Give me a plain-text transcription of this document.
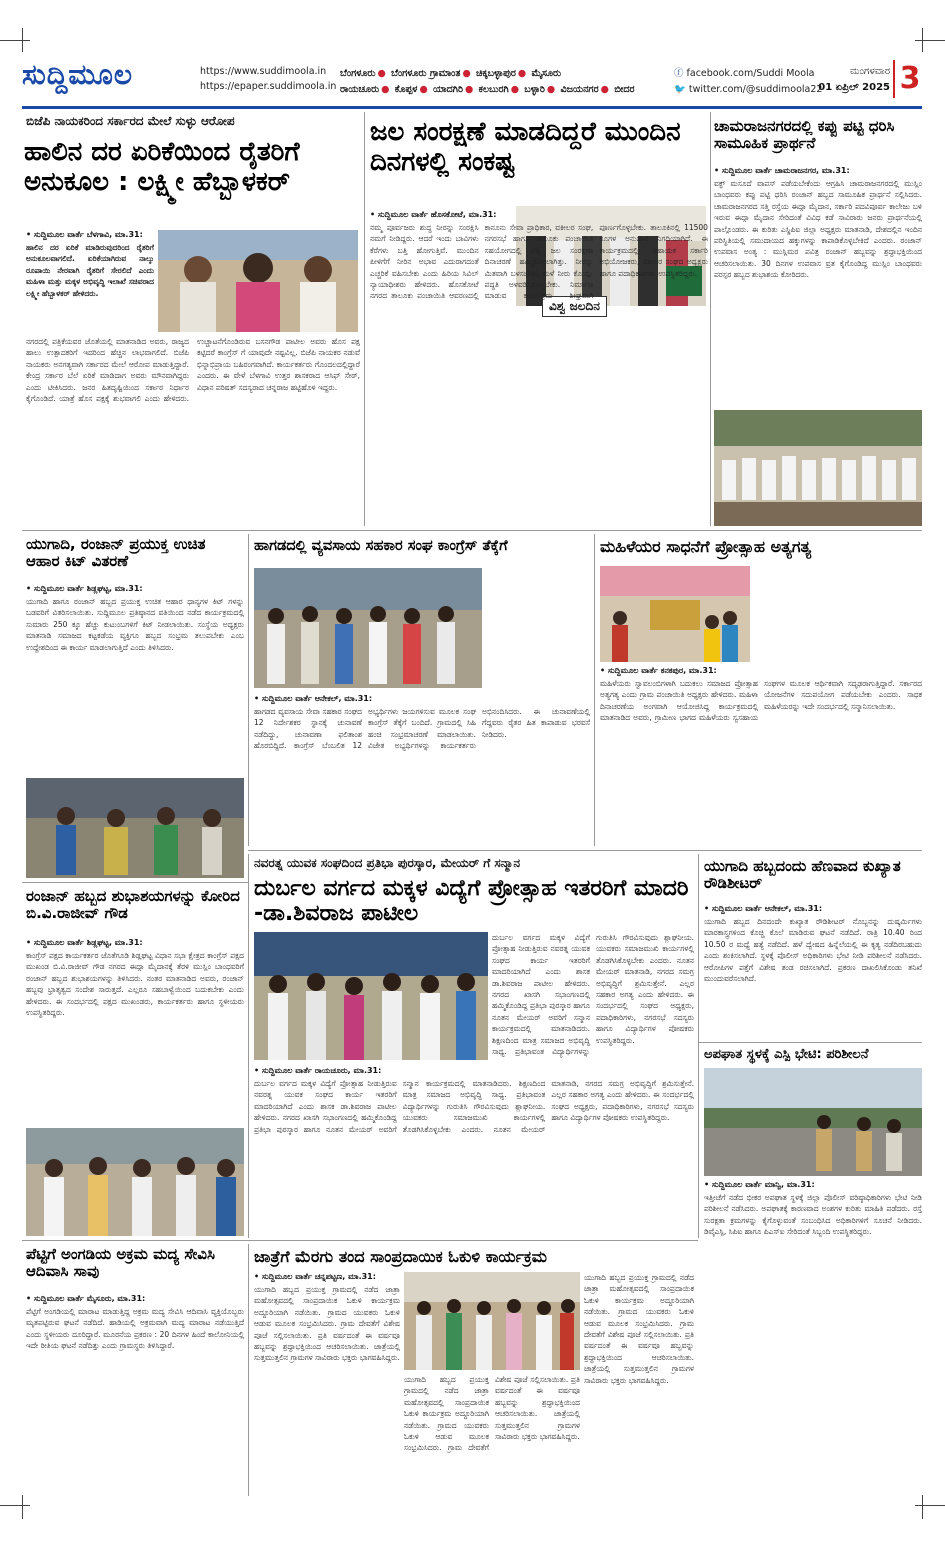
ಸುದ್ದಿಮೂಲ	https://www.suddimoola.in
https://epaper.suddimoola.in
ಬೆಂಗಳೂರು ● ಬೆಂಗಳೂರು ಗ್ರಾಮಾಂತ ● ಚಿಕ್ಕಬಳ್ಳಾಪುರ ● ಮೈಸೂರು
ರಾಯಚೂರು ● ಕೊಪ್ಪಳ ● ಯಾದಗಿರಿ ● ಕಲಬುರಗಿ ● ಬಳ್ಳಾರಿ ● ವಿಜಯನಗರ ● ಬೀದರ
ⓕ facebook.com/Suddi Moola
🐦 twitter.com/@suddimoola22
ಮಂಗಳವಾರ
01 ಏಪ್ರಿಲ್ 2025 3
ಬಿಜೆಪಿ ನಾಯಕರಿಂದ ಸರ್ಕಾರದ ಮೇಲೆ ಸುಳ್ಳು ಆರೋಪ
ಹಾಲಿನ ದರ ಏರಿಕೆಯಿಂದ ರೈತರಿಗೆ ಅನುಕೂಲ : ಲಕ್ಷ್ಮೀ ಹೆಬ್ಬಾಳಕರ್
• ಸುದ್ದಿಮೂಲ ವಾರ್ತೆ ಬೆಳಗಾವಿ, ಮಾ.31:
ಹಾಲಿನ ದರ ಏರಿಕೆ ಮಾಡಿರುವುದರಿಂದ ರೈತರಿಗೆ ಅನುಕೂಲವಾಗಲಿದೆ. ಏರಿಕೆಯಾಗಿರುವ ನಾಲ್ಕು ರೂಪಾಯಿ ನೇರವಾಗಿ ರೈತರಿಗೆ ಸೇರಲಿದೆ ಎಂದು ಮಹಿಳಾ ಮತ್ತು ಮಕ್ಕಳ ಅಭಿವೃದ್ಧಿ ಇಲಾಖೆ ಸಚಿವರಾದ ಲಕ್ಷ್ಮೀ ಹೆಬ್ಬಾಳಕರ್ ಹೇಳಿದರು.
ನಗರದಲ್ಲಿ ಪತ್ರಿಕೆಯವರ ಜೊತೆಯಲ್ಲಿ ಮಾತನಾಡಿದ ಅವರು, ರಾಜ್ಯದ ಹಾಲು ಉತ್ಪಾದಕರಿಗೆ ಇದರಿಂದ ಹೆಚ್ಚಿನ ಲಾಭವಾಗಲಿದೆ. ಬಿಜೆಪಿ ನಾಯಕರು ಅನಗತ್ಯವಾಗಿ ಸರ್ಕಾರದ ಮೇಲೆ ಆರೋಪ ಮಾಡುತ್ತಿದ್ದಾರೆ. ಕೇಂದ್ರ ಸರ್ಕಾರ ಬೆಲೆ ಏರಿಕೆ ಮಾಡಿದಾಗ ಅವರು ಮೌನವಾಗಿದ್ದರು ಎಂದು ಟೀಕಿಸಿದರು. ಜನರ ಹಿತದೃಷ್ಟಿಯಿಂದ ಸರ್ಕಾರ ನಿರ್ಧಾರ ಕೈಗೊಂಡಿದೆ. ಯಾತ್ರೆ ಹೊಸ ಪಕ್ಷಕ್ಕೆ ಶುಭವಾಗಲಿ ಎಂದು ಹೇಳಿದರು. ಉಚ್ಚಾಟನೆಗೊಂಡಿರುವ ಬಸನಗೌಡ ಪಾಟೀಲ ಅವರು ಹೊಸ ಪಕ್ಷ ಕಟ್ಟಿದರೆ ಕಾಂಗ್ರೆಸ್ ಗೆ ಯಾವುದೇ ನಷ್ಟವಿಲ್ಲ. ಬಿಜೆಪಿ ನಾಯಕರ ನಡುವೆ ಭಿನ್ನಾಭಿಪ್ರಾಯ ಬಹಿರಂಗವಾಗಿದೆ. ಕಾರ್ಯಕರ್ತರು ಗೊಂದಲದಲ್ಲಿದ್ದಾರೆ ಎಂದರು. ಈ ವೇಳೆ ಬೆಳಗಾವಿ ಉತ್ತರ ಶಾಸಕರಾದ ಆಸಿಫ್ ಸೇಠ್, ವಿಧಾನ ಪರಿಷತ್ ಸದಸ್ಯರಾದ ಚನ್ನರಾಜ ಹಟ್ಟಿಹೊಳಿ ಇದ್ದರು.
ಜಲ ಸಂರಕ್ಷಣೆ ಮಾಡದಿದ್ದರೆ ಮುಂದಿನ ದಿನಗಳಲ್ಲಿ ಸಂಕಷ್ಟ
• ಸುದ್ದಿಮೂಲ ವಾರ್ತೆ ಹೊಸಕೋಟೆ, ಮಾ.31:
ವಿಶ್ವ ಜಲದಿನ
ನಮ್ಮ ಪೂರ್ವಜರು ಶುದ್ಧ ನೀರನ್ನು ಸಂರಕ್ಷಿಸಿ ನಮಗೆ ನೀಡಿದ್ದರು. ಆದರೆ ಇಂದು ಬಾವಿಗಳು ಕೆರೆಗಳು ಬತ್ತಿ ಹೋಗುತ್ತಿವೆ. ಮುಂದಿನ ಪೀಳಿಗೆಗೆ ನೀರಿನ ಅಭಾವ ಎದುರಾಗದಂತೆ ಎಚ್ಚರಿಕೆ ವಹಿಸಬೇಕು ಎಂದು ಹಿರಿಯ ಸಿವಿಲ್ ನ್ಯಾಯಾಧೀಶರು ಹೇಳಿದರು. ಹೊಸಕೋಟೆ ನಗರದ ತಾಲೂಕು ಪಂಚಾಯಿತಿ ಆವರಣದಲ್ಲಿ ಕಾನೂನು ಸೇವಾ ಪ್ರಾಧಿಕಾರ, ವಕೀಲರ ಸಂಘ, ನಗರಸಭೆ ಹಾಗೂ ತಾಲೂಕು ಪಂಚಾಯಿತಿ ಸಹಯೋಗದಲ್ಲಿ ವಿಶ್ವ ಜಲ ಸಂರಕ್ಷಣಾ ದಿನಾಚರಣೆ ಹಮ್ಮಿಕೊಳ್ಳಲಾಗಿತ್ತು. ನೀರನ್ನು ಮಿತವಾಗಿ ಬಳಸಬೇಕು, ಮಳೆ ನೀರು ಕೊಯ್ಲು ಪದ್ಧತಿ ಅಳವಡಿಸಿಕೊಳ್ಳಬೇಕು. ನಿರ್ಮಾಣ ಮಾಡುವ ಕಾರ್ಯಕ್ರಮ ಶೀಘ್ರವಾಗಿ ಪೂರ್ಣಗೊಳ್ಳಬೇಕು. ತಾಲೂಕಿನಲ್ಲಿ 11500 ರೂಗಳ ಅನುದಾನ ನಿಗದಿಯಾಗಿದೆ. ಈ ಕಾರ್ಯಕ್ರಮದಲ್ಲಿ ಸಹಾಯಕ ಸರ್ಕಾರಿ ಅಭಿಯೋಜಕರು, ವಕೀಲರ ಸಂಘದ ಅಧ್ಯಕ್ಷರು ಹಾಗೂ ಪದಾಧಿಕಾರಿಗಳು ಉಪಸ್ಥಿತರಿದ್ದರು.
ಚಾಮರಾಜನಗರದಲ್ಲಿ ಕಪ್ಪು ಪಟ್ಟಿ ಧರಿಸಿ ಸಾಮೂಹಿಕ ಪ್ರಾರ್ಥನೆ
• ಸುದ್ದಿಮೂಲ ವಾರ್ತೆ ಚಾಮರಾಜನಗರ, ಮಾ.31:
ವಕ್ಫ್ ಮಸೂದೆ ವಾಪಸ್ ಪಡೆಯಬೇಕೆಂದು ಆಗ್ರಹಿಸಿ ಚಾಮರಾಜನಗರದಲ್ಲಿ ಮುಸ್ಲಿಂ ಬಾಂಧವರು ಕಪ್ಪು ಪಟ್ಟಿ ಧರಿಸಿ ರಂಜಾನ್ ಹಬ್ಬದ ಸಾಮೂಹಿಕ ಪ್ರಾರ್ಥನೆ ಸಲ್ಲಿಸಿದರು. ಚಾಮರಾಜನಗರದ ಸತ್ತಿ ರಸ್ತೆಯ ಈದ್ಗಾ ಮೈದಾನ, ಸರ್ಕಾರಿ ಪದವಿಪೂರ್ವ ಕಾಲೇಜು ಬಳಿ ಇರುವ ಈದ್ಗಾ ಮೈದಾನ ಸೇರಿದಂತೆ ವಿವಿಧ ಕಡೆ ಸಾವಿರಾರು ಜನರು ಪ್ರಾರ್ಥನೆಯಲ್ಲಿ ಪಾಲ್ಗೊಂಡರು. ಈ ಕುರಿತು ಎಸ್ಡಿಪಿಐ ಜಿಲ್ಲಾ ಅಧ್ಯಕ್ಷರು ಮಾತನಾಡಿ, ದೇಶದಲ್ಲಿನ ಇಂದಿನ ಪರಿಸ್ಥಿತಿಯಲ್ಲಿ ಸಮುದಾಯದ ಹಕ್ಕುಗಳನ್ನು ಕಾಪಾಡಿಕೊಳ್ಳಬೇಕಿದೆ ಎಂದರು. ರಂಜಾನ್ ಉಪವಾಸ ಅಂತ್ಯ : ಮುಸ್ಲಿಮರ ಪವಿತ್ರ ರಂಜಾನ್ ಹಬ್ಬವನ್ನು ಶ್ರದ್ಧಾಭಕ್ತಿಯಿಂದ ಆಚರಿಸಲಾಯಿತು. 30 ದಿನಗಳ ಉಪವಾಸ ವ್ರತ ಕೈಗೊಂಡಿದ್ದ ಮುಸ್ಲಿಂ ಬಾಂಧವರು ಪರಸ್ಪರ ಹಬ್ಬದ ಶುಭಾಶಯ ಕೋರಿದರು.
ಯುಗಾದಿ, ರಂಜಾನ್ ಪ್ರಯುಕ್ತ ಉಚಿತ ಆಹಾರ ಕಿಟ್ ವಿತರಣೆ
• ಸುದ್ದಿಮೂಲ ವಾರ್ತೆ ಶಿಡ್ಲಘಟ್ಟ, ಮಾ.31:
ಯುಗಾದಿ ಹಾಗೂ ರಂಜಾನ್ ಹಬ್ಬದ ಪ್ರಯುಕ್ತ ಉಚಿತ ಆಹಾರ ಧಾನ್ಯಗಳ ಕಿಟ್ ಗಳನ್ನು ಬಡವರಿಗೆ ವಿತರಿಸಲಾಯಿತು. ಸುದ್ದಿಮೂಲ ಪ್ರತಿಷ್ಠಾನದ ವತಿಯಿಂದ ನಡೆದ ಕಾರ್ಯಕ್ರಮದಲ್ಲಿ ಸುಮಾರು 250 ಕ್ಕೂ ಹೆಚ್ಚು ಕುಟುಂಬಗಳಿಗೆ ಕಿಟ್ ನೀಡಲಾಯಿತು. ಸಂಸ್ಥೆಯ ಅಧ್ಯಕ್ಷರು ಮಾತನಾಡಿ ಸಮಾಜದ ಕಟ್ಟಕಡೆಯ ವ್ಯಕ್ತಿಗೂ ಹಬ್ಬದ ಸಂಭ್ರಮ ತಲುಪಬೇಕು ಎಂಬ ಉದ್ದೇಶದಿಂದ ಈ ಕಾರ್ಯ ಮಾಡಲಾಗುತ್ತಿದೆ ಎಂದು ತಿಳಿಸಿದರು.
ಹಾಗಡದಲ್ಲಿ ವ್ಯವಸಾಯ ಸಹಕಾರ ಸಂಘ ಕಾಂಗ್ರೆಸ್ ತೆಕ್ಕೆಗೆ
• ಸುದ್ದಿಮೂಲ ವಾರ್ತೆ ಆನೇಕಲ್, ಮಾ.31:
ಹಾಗಡದ ವ್ಯವಸಾಯ ಸೇವಾ ಸಹಕಾರ ಸಂಘದ 12 ನಿರ್ದೇಶಕರ ಸ್ಥಾನಕ್ಕೆ ಚುನಾವಣೆ ನಡೆದಿದ್ದು, ಚುನಾವಣಾ ಫಲಿತಾಂಶ ಹೊರಬಿದ್ದಿದೆ. ಕಾಂಗ್ರೆಸ್ ಬೆಂಬಲಿತ 12 ಅಭ್ಯರ್ಥಿಗಳು ಜಯಗಳಿಸುವ ಮೂಲಕ ಸಂಘ ಕಾಂಗ್ರೆಸ್ ತೆಕ್ಕೆಗೆ ಬಂದಿದೆ. ಗ್ರಾಮದಲ್ಲಿ ಸಿಹಿ ಹಂಚಿ ಸಂಭ್ರಮಾಚರಣೆ ಮಾಡಲಾಯಿತು. ವಿಜೇತ ಅಭ್ಯರ್ಥಿಗಳನ್ನು ಕಾರ್ಯಕರ್ತರು ಅಭಿನಂದಿಸಿದರು. ಈ ಚುನಾವಣೆಯಲ್ಲಿ ಗೆದ್ದವರು ರೈತರ ಹಿತ ಕಾಪಾಡುವ ಭರವಸೆ ನೀಡಿದರು.
ಮಹಿಳೆಯರ ಸಾಧನೆಗೆ ಪ್ರೋತ್ಸಾಹ ಅತ್ಯಗತ್ಯ
• ಸುದ್ದಿಮೂಲ ವಾರ್ತೆ ಕನಕಪುರ, ಮಾ.31:
ಮಹಿಳೆಯರು ಸ್ವಾವಲಂಬಿಗಳಾಗಿ ಬದುಕಲು ಸಮಾಜದ ಪ್ರೋತ್ಸಾಹ ಅತ್ಯಗತ್ಯ ಎಂದು ಗ್ರಾಮ ಪಂಚಾಯಿತಿ ಅಧ್ಯಕ್ಷರು ಹೇಳಿದರು. ಮಹಿಳಾ ದಿನಾಚರಣೆಯ ಅಂಗವಾಗಿ ಆಯೋಜಿಸಿದ್ದ ಕಾರ್ಯಕ್ರಮದಲ್ಲಿ ಮಾತನಾಡಿದ ಅವರು, ಗ್ರಾಮೀಣ ಭಾಗದ ಮಹಿಳೆಯರು ಸ್ವಸಹಾಯ ಸಂಘಗಳ ಮೂಲಕ ಆರ್ಥಿಕವಾಗಿ ಸದೃಢರಾಗುತ್ತಿದ್ದಾರೆ. ಸರ್ಕಾರದ ಯೋಜನೆಗಳ ಸದುಪಯೋಗ ಪಡೆಯಬೇಕು ಎಂದರು. ಸಾಧಕ ಮಹಿಳೆಯರನ್ನು ಇದೇ ಸಂದರ್ಭದಲ್ಲಿ ಸನ್ಮಾನಿಸಲಾಯಿತು.
ರಂಜಾನ್ ಹಬ್ಬದ ಶುಭಾಶಯಗಳನ್ನು ಕೋರಿದ ಬಿ.ವಿ.ರಾಜೀವ್ ಗೌಡ
• ಸುದ್ದಿಮೂಲ ವಾರ್ತೆ ಶಿಡ್ಲಘಟ್ಟ, ಮಾ.31:
ಕಾಂಗ್ರೆಸ್ ಪಕ್ಷದ ಕಾರ್ಯಕರ್ತರ ಜೊತೆಗೂಡಿ ಶಿಡ್ಲಘಟ್ಟ ವಿಧಾನ ಸಭಾ ಕ್ಷೇತ್ರದ ಕಾಂಗ್ರೆಸ್ ಪಕ್ಷದ ಮುಖಂಡ ಬಿ.ವಿ.ರಾಜೀವ್ ಗೌಡ ನಗರದ ಈದ್ಗಾ ಮೈದಾನಕ್ಕೆ ತೆರಳಿ ಮುಸ್ಲಿಂ ಬಾಂಧವರಿಗೆ ರಂಜಾನ್ ಹಬ್ಬದ ಶುಭಾಶಯಗಳನ್ನು ತಿಳಿಸಿದರು. ನಂತರ ಮಾತನಾಡಿದ ಅವರು, ರಂಜಾನ್ ಹಬ್ಬವು ಭ್ರಾತೃತ್ವದ ಸಂದೇಶ ಸಾರುತ್ತದೆ. ಎಲ್ಲರೂ ಸಹಬಾಳ್ವೆಯಿಂದ ಬದುಕಬೇಕು ಎಂದು ಹೇಳಿದರು. ಈ ಸಂದರ್ಭದಲ್ಲಿ ಪಕ್ಷದ ಮುಖಂಡರು, ಕಾರ್ಯಕರ್ತರು ಹಾಗೂ ಸ್ಥಳೀಯರು ಉಪಸ್ಥಿತರಿದ್ದರು.
ನವರತ್ನ ಯುವಕ ಸಂಘದಿಂದ ಪ್ರತಿಭಾ ಪುರಸ್ಕಾರ, ಮೇಯರ್ ಗೆ ಸನ್ಮಾನ
ದುರ್ಬಲ ವರ್ಗದ ಮಕ್ಕಳ ವಿದ್ಯೆಗೆ ಪ್ರೋತ್ಸಾಹ ಇತರರಿಗೆ ಮಾದರಿ -ಡಾ.ಶಿವರಾಜ ಪಾಟೀಲ
• ಸುದ್ದಿಮೂಲ ವಾರ್ತೆ ರಾಯಚೂರು, ಮಾ.31:
ದುರ್ಬಲ ವರ್ಗದ ಮಕ್ಕಳ ವಿದ್ಯೆಗೆ ಪ್ರೋತ್ಸಾಹ ನೀಡುತ್ತಿರುವ ನವರತ್ನ ಯುವಕ ಸಂಘದ ಕಾರ್ಯ ಇತರರಿಗೆ ಮಾದರಿಯಾಗಿದೆ ಎಂದು ಶಾಸಕ ಡಾ.ಶಿವರಾಜ ಪಾಟೀಲ ಹೇಳಿದರು. ನಗರದ ಖಾಸಗಿ ಸಭಾಂಗಣದಲ್ಲಿ ಹಮ್ಮಿಕೊಂಡಿದ್ದ ಪ್ರತಿಭಾ ಪುರಸ್ಕಾರ ಹಾಗೂ ನೂತನ ಮೇಯರ್ ಅವರಿಗೆ ಸನ್ಮಾನ ಕಾರ್ಯಕ್ರಮದಲ್ಲಿ ಮಾತನಾಡಿದರು. ಶಿಕ್ಷಣದಿಂದ ಮಾತ್ರ ಸಮಾಜದ ಅಭಿವೃದ್ಧಿ ಸಾಧ್ಯ. ಪ್ರತಿಭಾವಂತ ವಿದ್ಯಾರ್ಥಿಗಳನ್ನು ಗುರುತಿಸಿ ಗೌರವಿಸುವುದು ಶ್ಲಾಘನೀಯ. ಯುವಕರು ಸಮಾಜಮುಖಿ ಕಾರ್ಯಗಳಲ್ಲಿ ತೊಡಗಿಸಿಕೊಳ್ಳಬೇಕು ಎಂದರು. ನೂತನ ಮೇಯರ್ ಮಾತನಾಡಿ, ನಗರದ ಸಮಗ್ರ ಅಭಿವೃದ್ಧಿಗೆ ಶ್ರಮಿಸುತ್ತೇನೆ. ಎಲ್ಲರ ಸಹಕಾರ ಅಗತ್ಯ ಎಂದು ಹೇಳಿದರು. ಈ ಸಂದರ್ಭದಲ್ಲಿ ಸಂಘದ ಅಧ್ಯಕ್ಷರು, ಪದಾಧಿಕಾರಿಗಳು, ನಗರಸಭೆ ಸದಸ್ಯರು ಹಾಗೂ ವಿದ್ಯಾರ್ಥಿಗಳ ಪೋಷಕರು ಉಪಸ್ಥಿತರಿದ್ದರು.
ದುರ್ಬಲ ವರ್ಗದ ಮಕ್ಕಳ ವಿದ್ಯೆಗೆ ಪ್ರೋತ್ಸಾಹ ನೀಡುತ್ತಿರುವ ನವರತ್ನ ಯುವಕ ಸಂಘದ ಕಾರ್ಯ ಇತರರಿಗೆ ಮಾದರಿಯಾಗಿದೆ ಎಂದು ಶಾಸಕ ಡಾ.ಶಿವರಾಜ ಪಾಟೀಲ ಹೇಳಿದರು. ನಗರದ ಖಾಸಗಿ ಸಭಾಂಗಣದಲ್ಲಿ ಹಮ್ಮಿಕೊಂಡಿದ್ದ ಪ್ರತಿಭಾ ಪುರಸ್ಕಾರ ಹಾಗೂ ನೂತನ ಮೇಯರ್ ಅವರಿಗೆ ಸನ್ಮಾನ ಕಾರ್ಯಕ್ರಮದಲ್ಲಿ ಮಾತನಾಡಿದರು. ಶಿಕ್ಷಣದಿಂದ ಮಾತ್ರ ಸಮಾಜದ ಅಭಿವೃದ್ಧಿ ಸಾಧ್ಯ. ಪ್ರತಿಭಾವಂತ ವಿದ್ಯಾರ್ಥಿಗಳನ್ನು ಗುರುತಿಸಿ ಗೌರವಿಸುವುದು ಶ್ಲಾಘನೀಯ. ಯುವಕರು ಸಮಾಜಮುಖಿ ಕಾರ್ಯಗಳಲ್ಲಿ ತೊಡಗಿಸಿಕೊಳ್ಳಬೇಕು ಎಂದರು. ನೂತನ ಮೇಯರ್ ಮಾತನಾಡಿ, ನಗರದ ಸಮಗ್ರ ಅಭಿವೃದ್ಧಿಗೆ ಶ್ರಮಿಸುತ್ತೇನೆ. ಎಲ್ಲರ ಸಹಕಾರ ಅಗತ್ಯ ಎಂದು ಹೇಳಿದರು. ಈ ಸಂದರ್ಭದಲ್ಲಿ ಸಂಘದ ಅಧ್ಯಕ್ಷರು, ಪದಾಧಿಕಾರಿಗಳು, ನಗರಸಭೆ ಸದಸ್ಯರು ಹಾಗೂ ವಿದ್ಯಾರ್ಥಿಗಳ ಪೋಷಕರು ಉಪಸ್ಥಿತರಿದ್ದರು.
ಯುಗಾದಿ ಹಬ್ಬದಂದು ಹೆಣವಾದ ಕುಖ್ಯಾತ ರೌಡಿಶೀಟರ್
• ಸುದ್ದಿಮೂಲ ವಾರ್ತೆ ಆನೇಕಲ್, ಮಾ.31:
ಯುಗಾದಿ ಹಬ್ಬದ ದಿನದಂದೇ ಕುಖ್ಯಾತ ರೌಡಿಶೀಟರ್ ನೊಬ್ಬನನ್ನು ದುಷ್ಕರ್ಮಿಗಳು ಮಾರಕಾಸ್ತ್ರಗಳಿಂದ ಕೊಚ್ಚಿ ಕೊಲೆ ಮಾಡಿರುವ ಘಟನೆ ನಡೆದಿದೆ. ರಾತ್ರಿ 10.40 ರಿಂದ 10.50 ರ ಮಧ್ಯೆ ಹತ್ಯೆ ನಡೆದಿದೆ. ಹಳೆ ದ್ವೇಷದ ಹಿನ್ನೆಲೆಯಲ್ಲಿ ಈ ಕೃತ್ಯ ನಡೆದಿರಬಹುದು ಎಂದು ಶಂಕಿಸಲಾಗಿದೆ. ಸ್ಥಳಕ್ಕೆ ಪೊಲೀಸ್ ಅಧಿಕಾರಿಗಳು ಭೇಟಿ ನೀಡಿ ಪರಿಶೀಲನೆ ನಡೆಸಿದರು. ಆರೋಪಿಗಳ ಪತ್ತೆಗೆ ವಿಶೇಷ ತಂಡ ರಚಿಸಲಾಗಿದೆ. ಪ್ರಕರಣ ದಾಖಲಿಸಿಕೊಂಡು ತನಿಖೆ ಮುಂದುವರೆಸಲಾಗಿದೆ.
ಅಪಘಾತ ಸ್ಥಳಕ್ಕೆ ಎಸ್ಪಿ ಭೇಟಿ: ಪರಿಶೀಲನೆ
• ಸುದ್ದಿಮೂಲ ವಾರ್ತೆ ಮಾನ್ವಿ, ಮಾ.31:
ಇತ್ತೀಚೆಗೆ ನಡೆದ ಭೀಕರ ಅಪಘಾತ ಸ್ಥಳಕ್ಕೆ ಜಿಲ್ಲಾ ಪೊಲೀಸ್ ವರಿಷ್ಠಾಧಿಕಾರಿಗಳು ಭೇಟಿ ನೀಡಿ ಪರಿಶೀಲನೆ ನಡೆಸಿದರು. ಅಪಘಾತಕ್ಕೆ ಕಾರಣವಾದ ಅಂಶಗಳ ಕುರಿತು ಮಾಹಿತಿ ಪಡೆದರು. ರಸ್ತೆ ಸುರಕ್ಷತಾ ಕ್ರಮಗಳನ್ನು ಕೈಗೊಳ್ಳುವಂತೆ ಸಂಬಂಧಿಸಿದ ಅಧಿಕಾರಿಗಳಿಗೆ ಸೂಚನೆ ನೀಡಿದರು. ಡಿವೈಎಸ್ಪಿ, ಸಿಪಿಐ ಹಾಗೂ ಪಿಎಸ್ಐ ಸೇರಿದಂತೆ ಸಿಬ್ಬಂದಿ ಉಪಸ್ಥಿತರಿದ್ದರು.
ಪೆಟ್ಟಿಗೆ ಅಂಗಡಿಯ ಅಕ್ರಮ ಮದ್ಯ ಸೇವಿಸಿ ಆದಿವಾಸಿ ಸಾವು
• ಸುದ್ದಿಮೂಲ ವಾರ್ತೆ ಮೈಸೂರು, ಮಾ.31:
ಪೆಟ್ಟಿಗೆ ಅಂಗಡಿಯಲ್ಲಿ ಮಾರಾಟ ಮಾಡುತ್ತಿದ್ದ ಅಕ್ರಮ ಮದ್ಯ ಸೇವಿಸಿ ಆದಿವಾಸಿ ವ್ಯಕ್ತಿಯೊಬ್ಬರು ಮೃತಪಟ್ಟಿರುವ ಘಟನೆ ನಡೆದಿದೆ. ಹಾಡಿಯಲ್ಲಿ ಅಕ್ರಮವಾಗಿ ಮದ್ಯ ಮಾರಾಟ ನಡೆಯುತ್ತಿದೆ ಎಂದು ಸ್ಥಳೀಯರು ದೂರಿದ್ದಾರೆ. ಮೂರನೆಯ ಪ್ರಕರಣ : 20 ದಿನಗಳ ಹಿಂದೆ ಕಾಲೋನಿಯಲ್ಲಿ ಇದೇ ರೀತಿಯ ಘಟನೆ ನಡೆದಿತ್ತು ಎಂದು ಗ್ರಾಮಸ್ಥರು ತಿಳಿಸಿದ್ದಾರೆ.
ಜಾತ್ರೆಗೆ ಮೆರಗು ತಂದ ಸಾಂಪ್ರದಾಯಿಕ ಓಕುಳಿ ಕಾರ್ಯಕ್ರಮ
• ಸುದ್ದಿಮೂಲ ವಾರ್ತೆ ಚನ್ನಪಟ್ಟಣ, ಮಾ.31:
ಯುಗಾದಿ ಹಬ್ಬದ ಪ್ರಯುಕ್ತ ಗ್ರಾಮದಲ್ಲಿ ನಡೆದ ಜಾತ್ರಾ ಮಹೋತ್ಸವದಲ್ಲಿ ಸಾಂಪ್ರದಾಯಿಕ ಓಕುಳಿ ಕಾರ್ಯಕ್ರಮ ಅದ್ದೂರಿಯಾಗಿ ನಡೆಯಿತು. ಗ್ರಾಮದ ಯುವಕರು ಓಕುಳಿ ಆಡುವ ಮೂಲಕ ಸಂಭ್ರಮಿಸಿದರು. ಗ್ರಾಮ ದೇವತೆಗೆ ವಿಶೇಷ ಪೂಜೆ ಸಲ್ಲಿಸಲಾಯಿತು. ಪ್ರತಿ ವರ್ಷದಂತೆ ಈ ವರ್ಷವೂ ಹಬ್ಬವನ್ನು ಶ್ರದ್ಧಾಭಕ್ತಿಯಿಂದ ಆಚರಿಸಲಾಯಿತು. ಜಾತ್ರೆಯಲ್ಲಿ ಸುತ್ತಮುತ್ತಲಿನ ಗ್ರಾಮಗಳ ಸಾವಿರಾರು ಭಕ್ತರು ಭಾಗವಹಿಸಿದ್ದರು.
ಯುಗಾದಿ ಹಬ್ಬದ ಪ್ರಯುಕ್ತ ಗ್ರಾಮದಲ್ಲಿ ನಡೆದ ಜಾತ್ರಾ ಮಹೋತ್ಸವದಲ್ಲಿ ಸಾಂಪ್ರದಾಯಿಕ ಓಕುಳಿ ಕಾರ್ಯಕ್ರಮ ಅದ್ದೂರಿಯಾಗಿ ನಡೆಯಿತು. ಗ್ರಾಮದ ಯುವಕರು ಓಕುಳಿ ಆಡುವ ಮೂಲಕ ಸಂಭ್ರಮಿಸಿದರು. ಗ್ರಾಮ ದೇವತೆಗೆ ವಿಶೇಷ ಪೂಜೆ ಸಲ್ಲಿಸಲಾಯಿತು. ಪ್ರತಿ ವರ್ಷದಂತೆ ಈ ವರ್ಷವೂ ಹಬ್ಬವನ್ನು ಶ್ರದ್ಧಾಭಕ್ತಿಯಿಂದ ಆಚರಿಸಲಾಯಿತು. ಜಾತ್ರೆಯಲ್ಲಿ ಸುತ್ತಮುತ್ತಲಿನ ಗ್ರಾಮಗಳ ಸಾವಿರಾರು ಭಕ್ತರು ಭಾಗವಹಿಸಿದ್ದರು.
ಯುಗಾದಿ ಹಬ್ಬದ ಪ್ರಯುಕ್ತ ಗ್ರಾಮದಲ್ಲಿ ನಡೆದ ಜಾತ್ರಾ ಮಹೋತ್ಸವದಲ್ಲಿ ಸಾಂಪ್ರದಾಯಿಕ ಓಕುಳಿ ಕಾರ್ಯಕ್ರಮ ಅದ್ದೂರಿಯಾಗಿ ನಡೆಯಿತು. ಗ್ರಾಮದ ಯುವಕರು ಓಕುಳಿ ಆಡುವ ಮೂಲಕ ಸಂಭ್ರಮಿಸಿದರು. ಗ್ರಾಮ ದೇವತೆಗೆ ವಿಶೇಷ ಪೂಜೆ ಸಲ್ಲಿಸಲಾಯಿತು. ಪ್ರತಿ ವರ್ಷದಂತೆ ಈ ವರ್ಷವೂ ಹಬ್ಬವನ್ನು ಶ್ರದ್ಧಾಭಕ್ತಿಯಿಂದ ಆಚರಿಸಲಾಯಿತು. ಜಾತ್ರೆಯಲ್ಲಿ ಸುತ್ತಮುತ್ತಲಿನ ಗ್ರಾಮಗಳ ಸಾವಿರಾರು ಭಕ್ತರು ಭಾಗವಹಿಸಿದ್ದರು.
